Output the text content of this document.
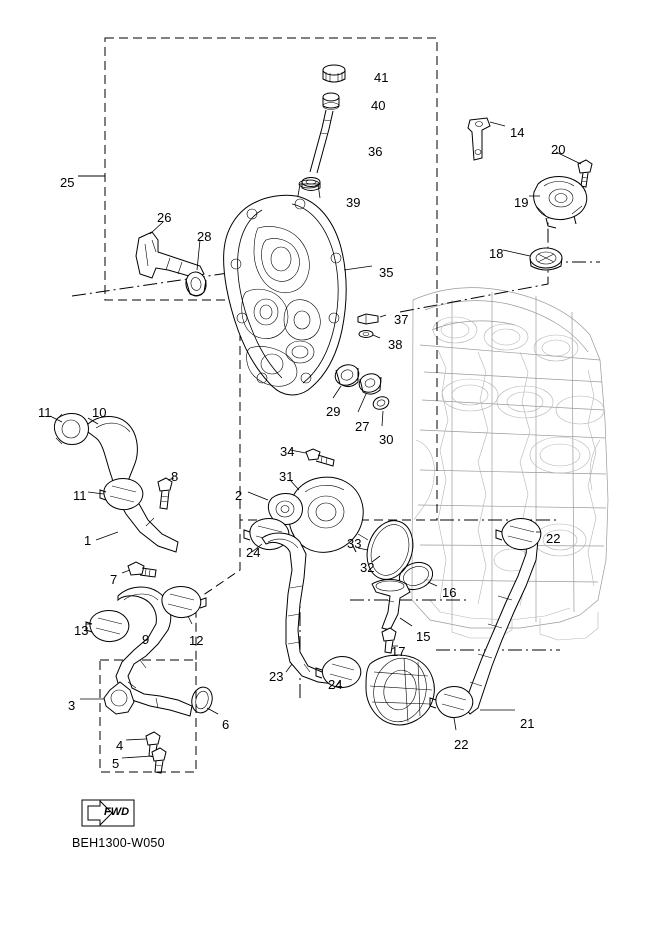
1
2
3
4
5
6
7
8
9
10
11
11
12
13
14
15
16
17
18
19
20
21
22
22
23
24
24
25
26
27
28
29
30
31
32
33
34
35
36
37
38
39
40
41
FWD
BEH1300-W050
